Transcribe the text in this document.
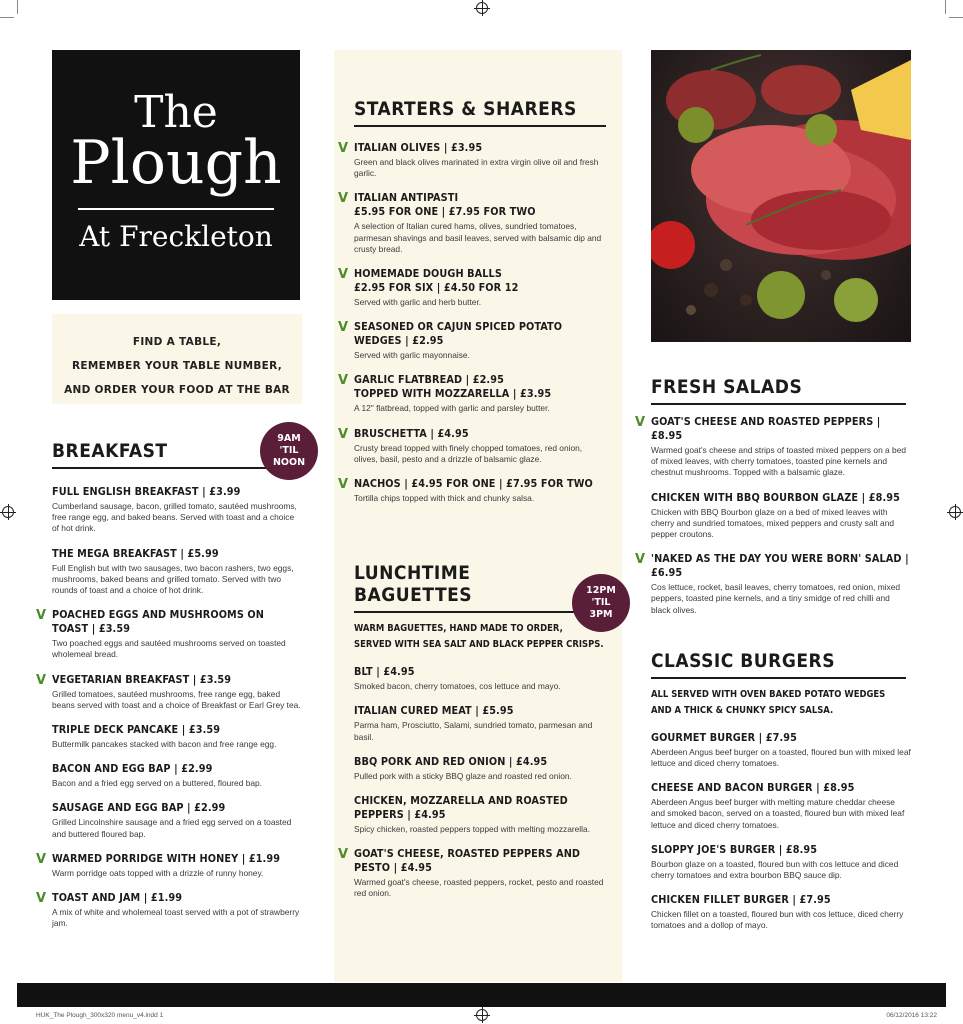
The
Plough
At Freckleton
FIND A TABLE,
REMEMBER YOUR TABLE NUMBER,
AND ORDER YOUR FOOD AT THE BAR
BREAKFAST
9AM
'TIL
NOON
FULL ENGLISH BREAKFAST | £3.99
Cumberland sausage, bacon, grilled tomato, sautéed mushrooms, free range egg, and baked beans. Served with toast and a choice of hot drink.
THE MEGA BREAKFAST | £5.99
Full English but with two sausages, two bacon rashers, two eggs, mushrooms, baked beans and grilled tomato. Served with two rounds of toast and a choice of hot drink.
V POACHED EGGS AND MUSHROOMS ON TOAST | £3.59
Two poached eggs and sautéed mushrooms served on toasted wholemeal bread.
V VEGETARIAN BREAKFAST | £3.59
Grilled tomatoes, sautéed mushrooms, free range egg, baked beans served with toast and a choice of Breakfast or Earl Grey tea.
TRIPLE DECK PANCAKE | £3.59
Buttermilk pancakes stacked with bacon and free range egg.
BACON AND EGG BAP | £2.99
Bacon and a fried egg served on a buttered, floured bap.
SAUSAGE AND EGG BAP | £2.99
Grilled Lincolnshire sausage and a fried egg served on a toasted and buttered floured bap.
V WARMED PORRIDGE WITH HONEY | £1.99
Warm porridge oats topped with a drizzle of runny honey.
V TOAST AND JAM | £1.99
A mix of white and wholemeal toast served with a pot of strawberry jam.
STARTERS & SHARERS
V ITALIAN OLIVES | £3.95
Green and black olives marinated in extra virgin olive oil and fresh garlic.
V ITALIAN ANTIPASTI
£5.95 FOR ONE | £7.95 FOR TWO
A selection of Italian cured hams, olives, sundried tomatoes, parmesan shavings and basil leaves, served with balsamic dip and crusty bread.
V HOMEMADE DOUGH BALLS
£2.95 FOR SIX | £4.50 FOR 12
Served with garlic and herb butter.
V SEASONED OR CAJUN SPICED POTATO WEDGES | £2.95
Served with garlic mayonnaise.
V GARLIC FLATBREAD | £2.95
TOPPED WITH MOZZARELLA | £3.95
A 12" flatbread, topped with garlic and parsley butter.
V BRUSCHETTA | £4.95
Crusty bread topped with finely chopped tomatoes, red onion, olives, basil, pesto and a drizzle of balsamic glaze.
V NACHOS | £4.95 FOR ONE | £7.95 FOR TWO
Tortilla chips topped with thick and chunky salsa.
LUNCHTIME BAGUETTES	12PM
'TIL
3PM
WARM BAGUETTES, HAND MADE TO ORDER,
SERVED WITH SEA SALT AND BLACK PEPPER CRISPS.
BLT | £4.95
Smoked bacon, cherry tomatoes, cos lettuce and mayo.
ITALIAN CURED MEAT | £5.95
Parma ham, Prosciutto, Salami, sundried tomato, parmesan and basil.
BBQ PORK AND RED ONION | £4.95
Pulled pork with a sticky BBQ glaze and roasted red onion.
CHICKEN, MOZZARELLA AND ROASTED PEPPERS | £4.95
Spicy chicken, roasted peppers topped with melting mozzarella.
V GOAT'S CHEESE, ROASTED PEPPERS AND PESTO | £4.95
Warmed goat's cheese, roasted peppers, rocket, pesto and roasted red onion.
FRESH SALADS
V GOAT'S CHEESE AND ROASTED PEPPERS | £8.95
Warmed goat's cheese and strips of toasted mixed peppers on a bed of mixed leaves, with cherry tomatoes, toasted pine kernels and chestnut mushrooms. Topped with a balsamic glaze.
CHICKEN WITH BBQ BOURBON GLAZE | £8.95
Chicken with BBQ Bourbon glaze on a bed of mixed leaves with cherry and sundried tomatoes, mixed peppers and crusty salt and pepper croutons.
V 'NAKED AS THE DAY YOU WERE BORN' SALAD | £6.95
Cos lettuce, rocket, basil leaves, cherry tomatoes, red onion, mixed peppers, toasted pine kernels, and a tiny smidge of red chilli and black olives.
CLASSIC BURGERS
ALL SERVED WITH OVEN BAKED POTATO WEDGES
AND A THICK & CHUNKY SPICY SALSA.
GOURMET BURGER | £7.95
Aberdeen Angus beef burger on a toasted, floured bun with mixed leaf lettuce and diced cherry tomatoes.
CHEESE AND BACON BURGER | £8.95
Aberdeen Angus beef burger with melting mature cheddar cheese and smoked bacon, served on a toasted, floured bun with mixed leaf lettuce and diced cherry tomatoes.
SLOPPY JOE'S BURGER | £8.95
Bourbon glaze on a toasted, floured bun with cos lettuce and diced cherry tomatoes and extra bourbon BBQ sauce dip.
CHICKEN FILLET BURGER | £7.95
Chicken fillet on a toasted, floured bun with cos lettuce, diced cherry tomatoes and a dollop of mayo.
HUK_The Plough_300x320 menu_v4.indd 1	06/12/2016 13:22
